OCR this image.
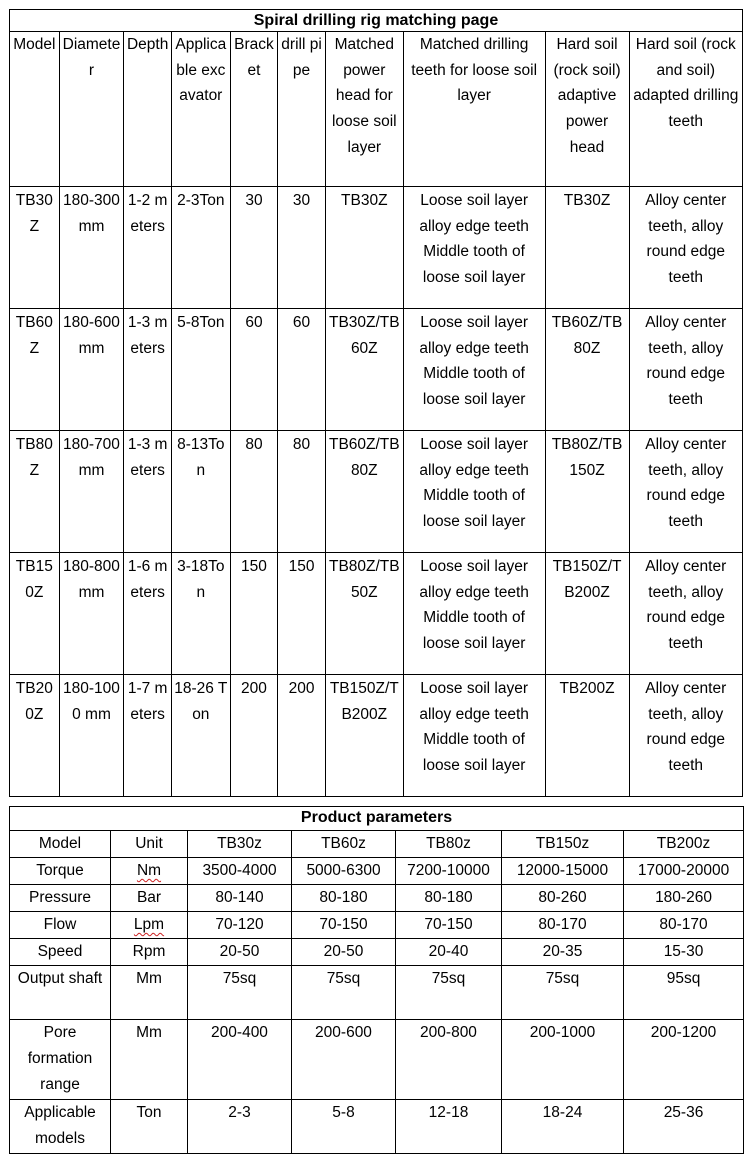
Spiral drilling rig matching page									
Model	Diameter	Depth	Applicable excavator	Bracket	drill pipe	Matched power head for loose soil layer	Matched drilling teeth for loose soil layer	Hard soil (rock soil) adaptive power head	Hard soil (rock and soil) adapted drilling teeth
TB30Z	180-300mm	1-2 meters	2-3Ton	30	30	TB30Z	Loose soil layer alloy edge teeth Middle tooth of loose soil layer	TB30Z	Alloy center teeth, alloy round edge teeth
TB60Z	180-600mm	1-3 meters	5-8Ton	60	60	TB30Z/TB60Z	Loose soil layer alloy edge teeth Middle tooth of loose soil layer	TB60Z/TB80Z	Alloy center teeth, alloy round edge teeth
TB80Z	180-700mm	1-3 meters	8-13Ton	80	80	TB60Z/TB80Z	Loose soil layer alloy edge teeth Middle tooth of loose soil layer	TB80Z/TB150Z	Alloy center teeth, alloy round edge teeth
TB150Z	180-800mm	1-6 meters	3-18Ton	150	150	TB80Z/TB50Z	Loose soil layer alloy edge teeth Middle tooth of loose soil layer	TB150Z/TB200Z	Alloy center teeth, alloy round edge teeth
TB200Z	180-1000 mm	1-7 meters	18-26 Ton	200	200	TB150Z/TB200Z	Loose soil layer alloy edge teeth Middle tooth of loose soil layer	TB200Z	Alloy center teeth, alloy round edge teeth
Product parameters						
Model	Unit	TB30z	TB60z	TB80z	TB150z	TB200z
Torque	Nm	3500-4000	5000-6300	7200-10000	12000-15000	17000-20000
Pressure	Bar	80-140	80-180	80-180	80-260	180-260
Flow	Lpm	70-120	70-150	70-150	80-170	80-170
Speed	Rpm	20-50	20-50	20-40	20-35	15-30
Output shaft	Mm	75sq	75sq	75sq	75sq	95sq
Pore formation range	Mm	200-400	200-600	200-800	200-1000	200-1200
Applicable models	Ton	2-3	5-8	12-18	18-24	25-36
